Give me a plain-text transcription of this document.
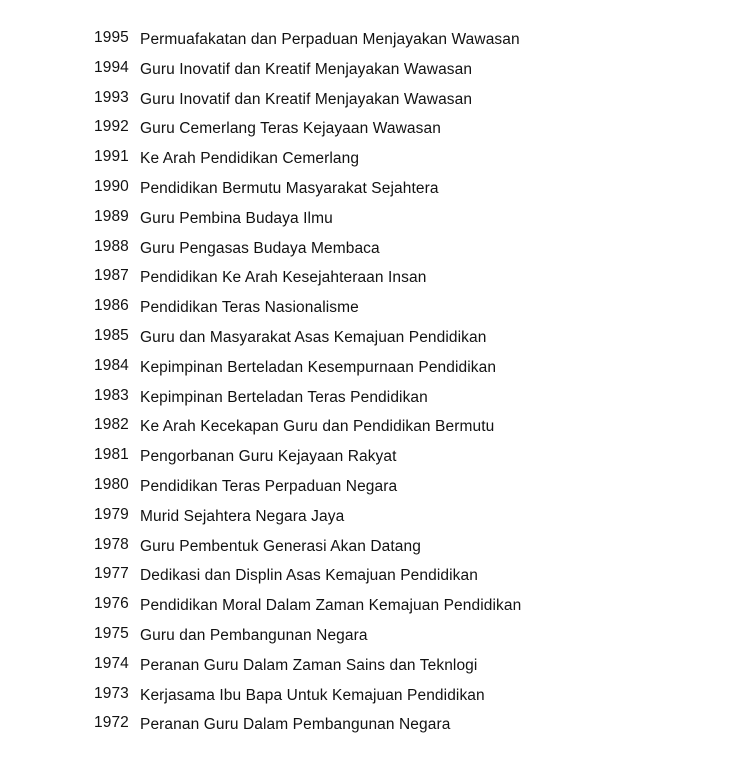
1995 Permuafakatan dan Perpaduan Menjayakan Wawasan
1994 Guru Inovatif dan Kreatif Menjayakan Wawasan
1993 Guru Inovatif dan Kreatif Menjayakan Wawasan
1992 Guru Cemerlang Teras Kejayaan Wawasan
1991 Ke Arah Pendidikan Cemerlang
1990 Pendidikan Bermutu Masyarakat Sejahtera
1989 Guru Pembina Budaya Ilmu
1988 Guru Pengasas Budaya Membaca
1987 Pendidikan Ke Arah Kesejahteraan Insan
1986 Pendidikan Teras Nasionalisme
1985 Guru dan Masyarakat Asas Kemajuan Pendidikan
1984 Kepimpinan Berteladan Kesempurnaan Pendidikan
1983 Kepimpinan Berteladan Teras Pendidikan
1982 Ke Arah Kecekapan Guru dan Pendidikan Bermutu
1981 Pengorbanan Guru Kejayaan Rakyat
1980 Pendidikan Teras Perpaduan Negara
1979 Murid Sejahtera Negara Jaya
1978 Guru Pembentuk Generasi Akan Datang
1977 Dedikasi dan Displin Asas Kemajuan Pendidikan
1976 Pendidikan Moral Dalam Zaman Kemajuan Pendidikan
1975 Guru dan Pembangunan Negara
1974 Peranan Guru Dalam Zaman Sains dan Teknlogi
1973 Kerjasama Ibu Bapa Untuk Kemajuan Pendidikan
1972 Peranan Guru Dalam Pembangunan Negara
